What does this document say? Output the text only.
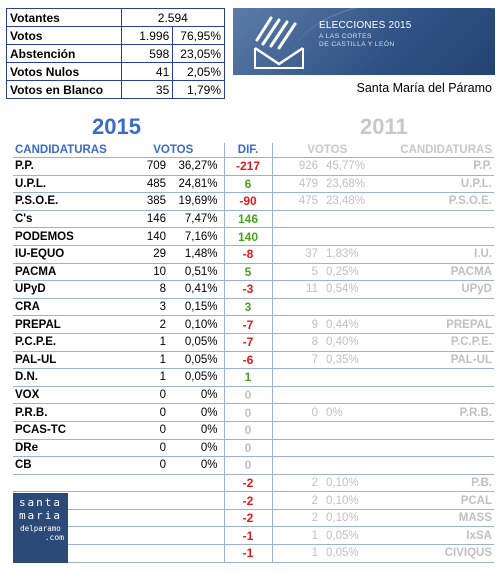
Votantes	2.594	
Votos	1.996	76,95%
Abstención	598	23,05%
Votos Nulos	41	2,05%
Votos en Blanco	35	1,79%
ELECCIONES 2015
A LAS CORTES
DE CASTILLA Y LEÓN
Santa María del Páramo
2015	2011
CANDIDATURAS	VOTOS		DIF.	VOTOS		CANDIDATURAS
P.P.	709	36,27%	-217	926	45,77%	P.P.
U.P.L.	485	24,81%	6	479	23,68%	U.P.L.
P.S.O.E.	385	19,69%	-90	475	23,48%	P.S.O.E.
C's	146	7,47%	146			
PODEMOS	140	7,16%	140			
IU-EQUO	29	1,48%	-8	37	1,83%	I.U.
PACMA	10	0,51%	5	5	0,25%	PACMA
UPyD	8	0,41%	-3	11	0,54%	UPyD
CRA	3	0,15%	3			
PREPAL	2	0,10%	-7	9	0,44%	PREPAL
P.C.P.E.	1	0,05%	-7	8	0,40%	P.C.P.E.
PAL-UL	1	0,05%	-6	7	0,35%	PAL-UL
D.N.	1	0,05%	1			
VOX	0	0%	0			
P.R.B.	0	0%	0	0	0%	P.R.B.
PCAS-TC	0	0%	0			
DRe	0	0%	0			
CB	0	0%	0			
			-2	2	0,10%	P.B.
			-2	2	0,10%	PCAL
			-2	2	0,10%	MASS
			-1	1	0,05%	IxSA
			-1	1	0,05%	CIVIQUS
santa
maria
delparamo
.com
